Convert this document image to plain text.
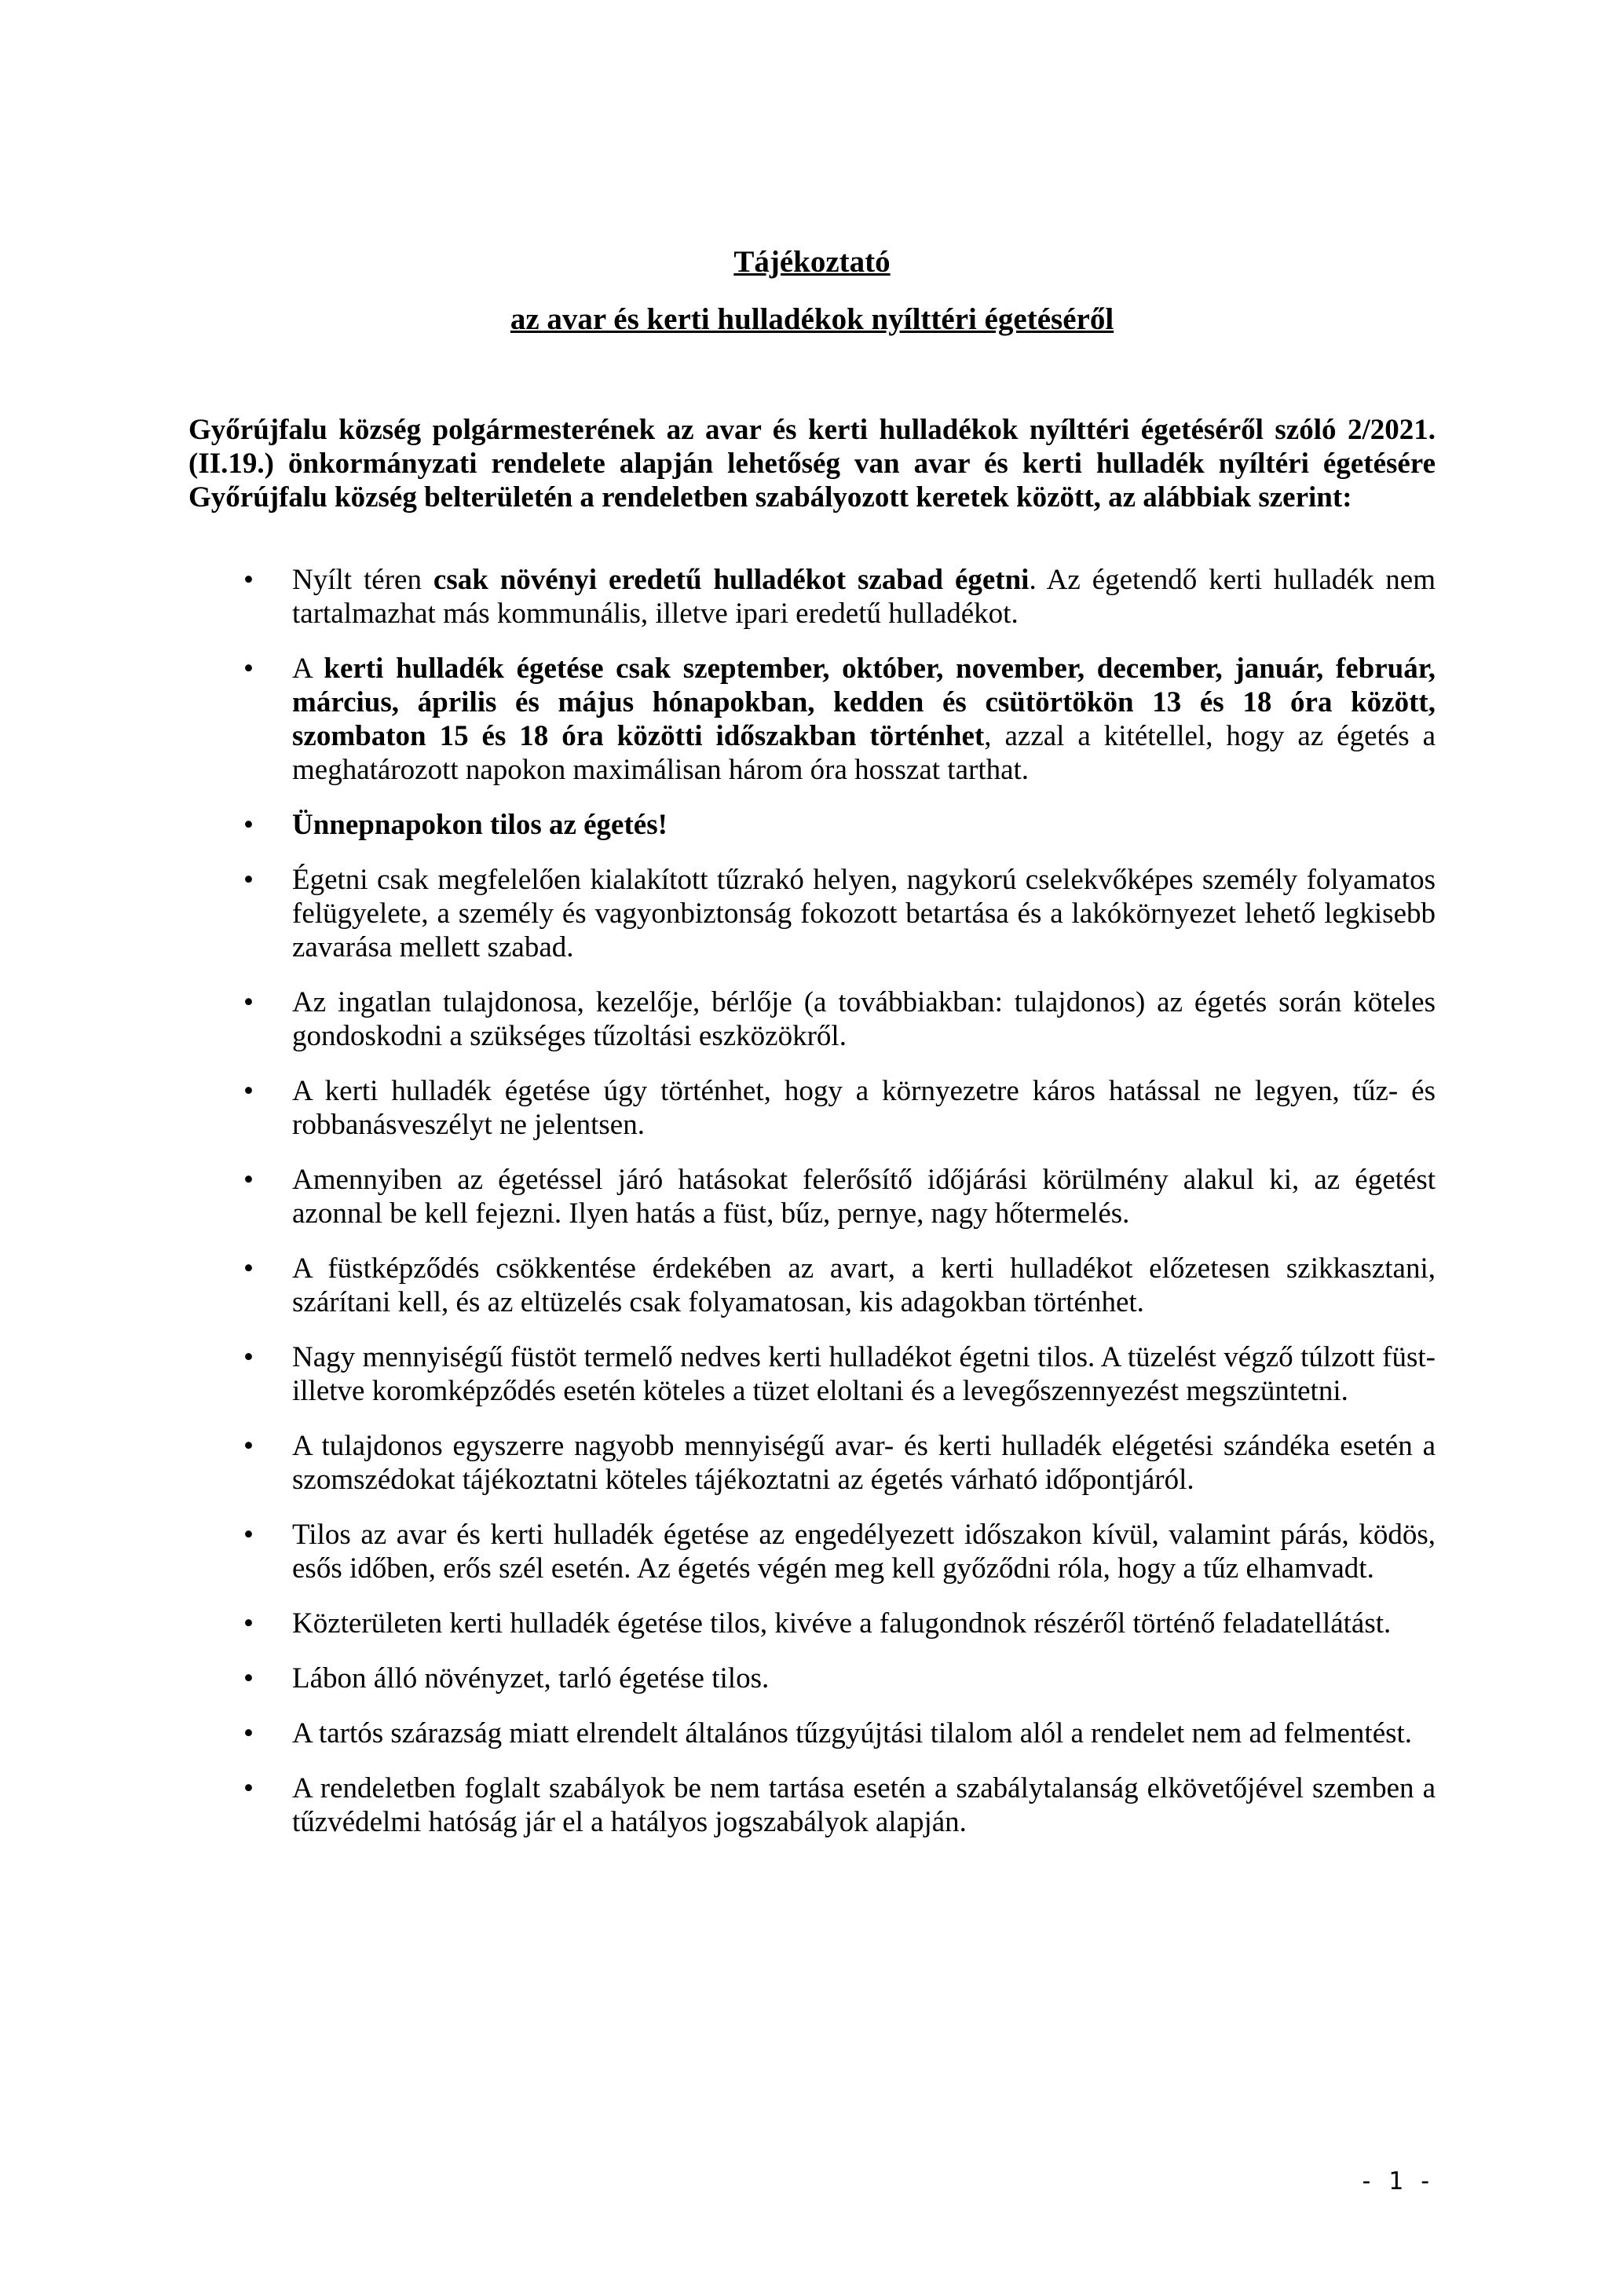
Tájékoztató
az avar és kerti hulladékok nyílttéri égetéséről

Győrújfalu község polgármesterének az avar és kerti hulladékok nyílttéri égetéséről szóló 2/2021. (II.19.) önkormányzati rendelete alapján lehetőség van avar és kerti hulladék nyíltéri égetésére Győrújfalu község belterületén a rendeletben szabályozott keretek között, az alábbiak szerint:

• Nyílt téren csak növényi eredetű hulladékot szabad égetni. Az égetendő kerti hulladék nem tartalmazhat más kommunális, illetve ipari eredetű hulladékot.
• A kerti hulladék égetése csak szeptember, október, november, december, január, február, március, április és május hónapokban, kedden és csütörtökön 13 és 18 óra között, szombaton 15 és 18 óra közötti időszakban történhet, azzal a kitétellel, hogy az égetés a meghatározott napokon maximálisan három óra hosszat tarthat.
• Ünnepnapokon tilos az égetés!
• Égetni csak megfelelően kialakított tűzrakó helyen, nagykorú cselekvőképes személy folyamatos felügyelete, a személy és vagyonbiztonság fokozott betartása és a lakókörnyezet lehető legkisebb zavarása mellett szabad.
• Az ingatlan tulajdonosa, kezelője, bérlője (a továbbiakban: tulajdonos) az égetés során köteles gondoskodni a szükséges tűzoltási eszközökről.
• A kerti hulladék égetése úgy történhet, hogy a környezetre káros hatással ne legyen, tűz- és robbanásveszélyt ne jelentsen.
• Amennyiben az égetéssel járó hatásokat felerősítő időjárási körülmény alakul ki, az égetést azonnal be kell fejezni. Ilyen hatás a füst, bűz, pernye, nagy hőtermelés.
• A füstképződés csökkentése érdekében az avart, a kerti hulladékot előzetesen szikkasztani, szárítani kell, és az eltüzelés csak folyamatosan, kis adagokban történhet.
• Nagy mennyiségű füstöt termelő nedves kerti hulladékot égetni tilos. A tüzelést végző túlzott füst- illetve koromképződés esetén köteles a tüzet eloltani és a levegőszennyezést megszüntetni.
• A tulajdonos egyszerre nagyobb mennyiségű avar- és kerti hulladék elégetési szándéka esetén a szomszédokat tájékoztatni köteles tájékoztatni az égetés várható időpontjáról.
• Tilos az avar és kerti hulladék égetése az engedélyezett időszakon kívül, valamint párás, ködös, esős időben, erős szél esetén. Az égetés végén meg kell győződni róla, hogy a tűz elhamvadt.
• Közterületen kerti hulladék égetése tilos, kivéve a falugondnok részéről történő feladatellátást.
• Lábon álló növényzet, tarló égetése tilos.
• A tartós szárazság miatt elrendelt általános tűzgyújtási tilalom alól a rendelet nem ad felmentést.
• A rendeletben foglalt szabályok be nem tartása esetén a szabálytalanság elkövetőjével szemben a tűzvédelmi hatóság jár el a hatályos jogszabályok alapján.
- 1 -
